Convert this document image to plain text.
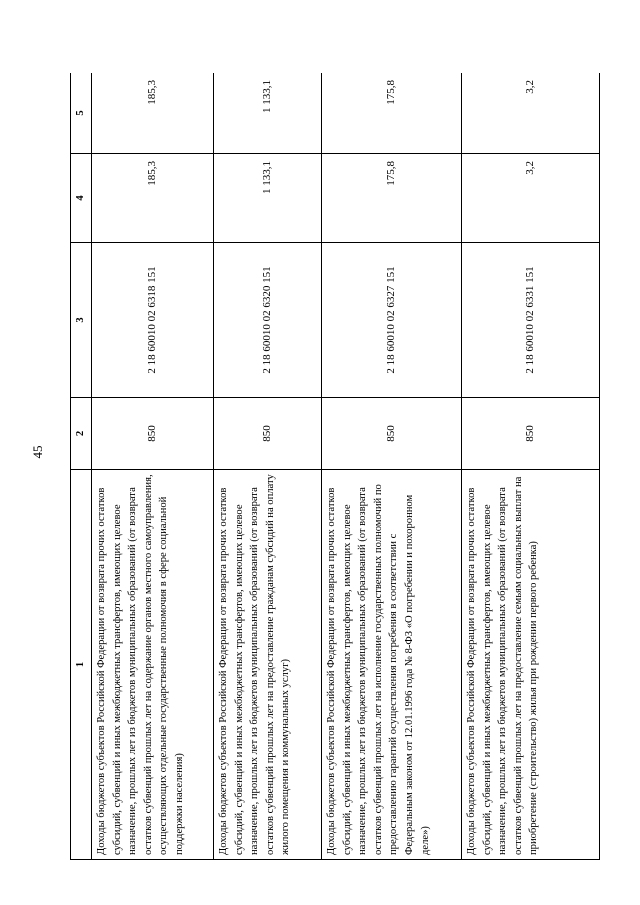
45
1	2	3	4	5
Доходы бюджетов субъектов Российской Федерации от возврата прочих остатков субсидий, субвенций и иных межбюджетных трансфертов, имеющих целевое назначение, прошлых лет из бюджетов муниципальных образований (от возврата остатков субвенций прошлых лет на содержание органов местного самоуправления, осуществляющих отдельные государственные полномочия в сфере социальной поддержки населения)	850	2 18 60010 02 6318 151	185,3	185,3
Доходы бюджетов субъектов Российской Федерации от возврата прочих остатков субсидий, субвенций и иных межбюджетных трансфертов, имеющих целевое назначение, прошлых лет из бюджетов муниципальных образований (от возврата остатков субвенций прошлых лет на предоставление гражданам субсидий на оплату жилого помещения и коммунальных услуг)	850	2 18 60010 02 6320 151	1 133,1	1 133,1
Доходы бюджетов субъектов Российской Федерации от возврата прочих остатков субсидий, субвенций и иных межбюджетных трансфертов, имеющих целевое назначение, прошлых лет из бюджетов муниципальных образований (от возврата остатков субвенций прошлых лет на исполнение государственных полномочий по предоставлению гарантий осуществления погребения в соответствии с Федеральным законом от 12.01.1996 года № 8-ФЗ «О погребении и похоронном деле»)	850	2 18 60010 02 6327 151	175,8	175,8
Доходы бюджетов субъектов Российской Федерации от возврата прочих остатков субсидий, субвенций и иных межбюджетных трансфертов, имеющих целевое назначение, прошлых лет из бюджетов муниципальных образований (от возврата остатков субвенций прошлых лет на предоставление семьям социальных выплат на приобретение (строительство) жилья при рождении первого ребенка)	850	2 18 60010 02 6331 151	3,2	3,2
